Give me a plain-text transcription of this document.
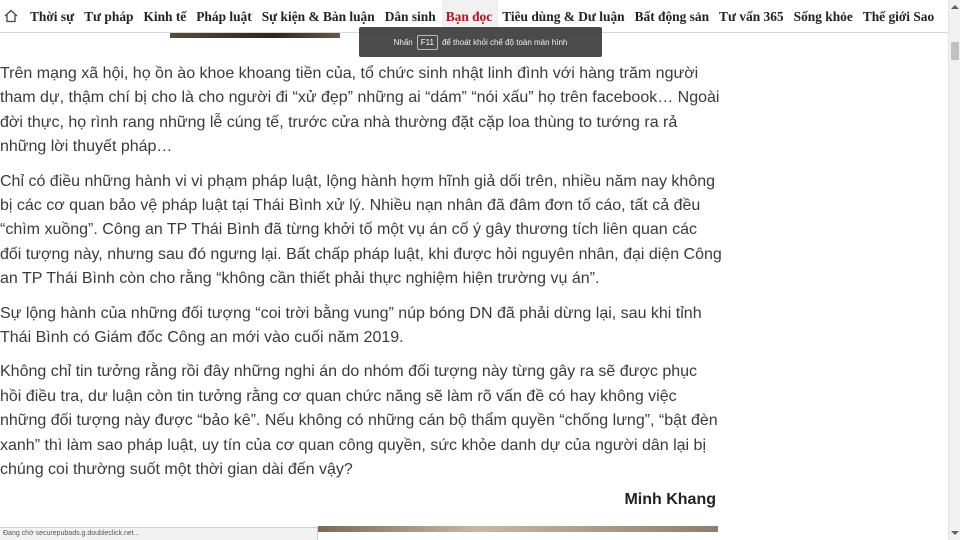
Thời sự Tư pháp Kinh tế Pháp luật Sự kiện & Bàn luận Dân sinh Bạn đọc Tiêu dùng & Dư luận Bất động sản Tư vấn 365 Sống khỏe Thế giới Sao
Nhấn	F11	để thoát khỏi chế độ toàn màn hình

Trên mạng xã hội, họ ồn ào khoe khoang tiền của, tổ chức sinh nhật linh đình với hàng trăm người tham dự, thậm chí bị cho là cho người đi “xử đẹp” những ai “dám” “nói xấu” họ trên facebook… Ngoài đời thực, họ rình rang những lễ cúng tế, trước cửa nhà thường đặt cặp loa thùng to tướng ra rả những lời thuyết pháp…

Chỉ có điều những hành vi vi phạm pháp luật, lộng hành hợm hĩnh giả dối trên, nhiều năm nay không bị các cơ quan bảo vệ pháp luật tại Thái Bình xử lý. Nhiều nạn nhân đã đâm đơn tố cáo, tất cả đều “chìm xuồng”. Công an TP Thái Bình đã từng khởi tố một vụ án cố ý gây thương tích liên quan các đối tượng này, nhưng sau đó ngưng lại. Bất chấp pháp luật, khi được hỏi nguyên nhân, đại diện Công an TP Thái Bình còn cho rằng “không cần thiết phải thực nghiệm hiện trường vụ án”.

Sự lộng hành của những đối tượng “coi trời bằng vung” núp bóng DN đã phải dừng lại, sau khi tỉnh Thái Bình có Giám đốc Công an mới vào cuối năm 2019.

Không chỉ tin tưởng rằng rồi đây những nghi án do nhóm đối tượng này từng gây ra sẽ được phục hồi điều tra, dư luận còn tin tưởng rằng cơ quan chức năng sẽ làm rõ vấn đề có hay không việc những đối tượng này được “bảo kê”. Nếu không có những cán bộ thẩm quyền “chống lưng”, “bật đèn xanh” thì làm sao pháp luật, uy tín của cơ quan công quyền, sức khỏe danh dự của người dân lại bị chúng coi thường suốt một thời gian dài đến vậy?

Minh Khang
Đang chờ securepubads.g.doubleclick.net...
